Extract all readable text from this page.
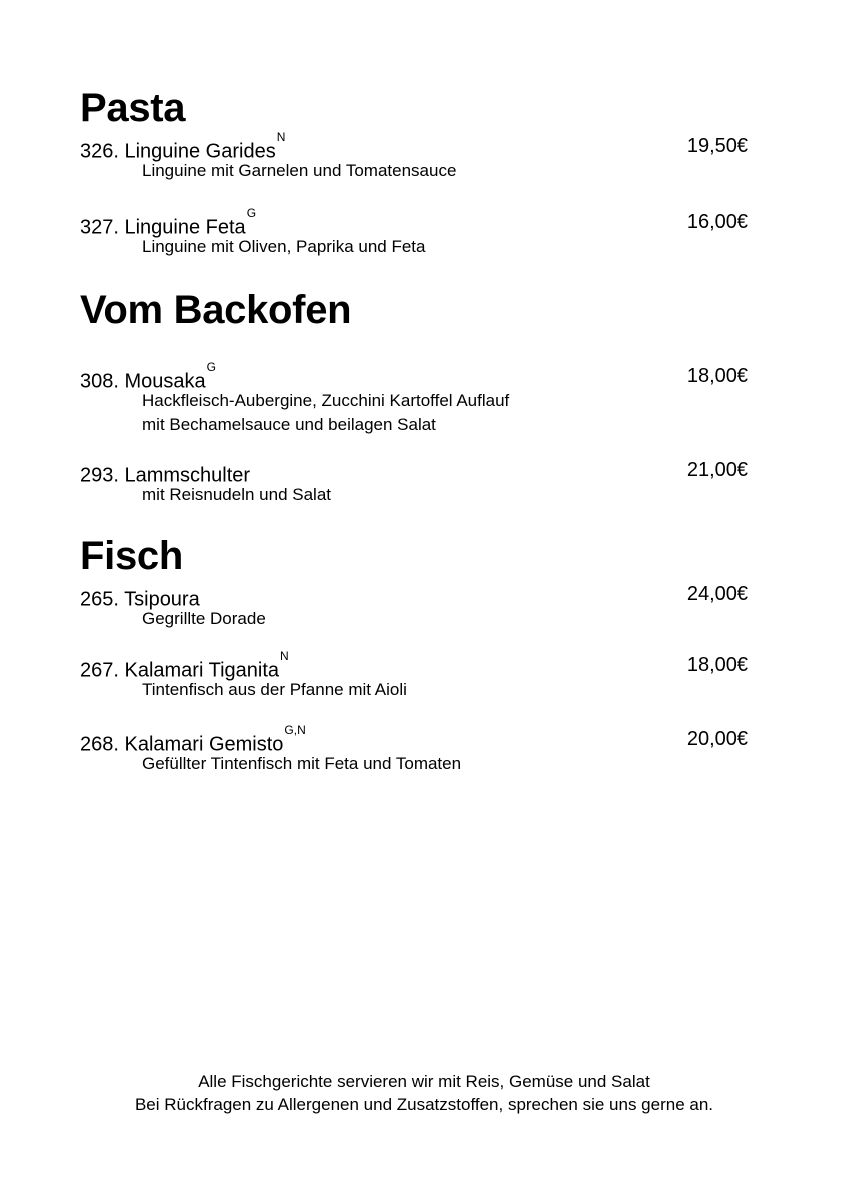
Pasta
326. Linguine Garides$^N$	19,50€
Linguine mit Garnelen und Tomatensauce
327. Linguine Feta$^G$	16,00€
Linguine mit Oliven, Paprika und Feta
Vom Backofen
308. Mousaka$^G$	18,00€
Hackfleisch-Aubergine, Zucchini Kartoffel Auflauf
mit Bechamelsauce und beilagen Salat
293. Lammschulter	21,00€
mit Reisnudeln und Salat
Fisch
265. Tsipoura	24,00€
Gegrillte Dorade
267. Kalamari Tiganita$^N$	18,00€
Tintenfisch aus der Pfanne mit Aioli
268. Kalamari Gemisto$^{G,N}$	20,00€
Gefüllter Tintenfisch mit Feta und Tomaten
Alle Fischgerichte servieren wir mit Reis, Gemüse und Salat
Bei Rückfragen zu Allergenen und Zusatzstoffen, sprechen sie uns gerne an.
